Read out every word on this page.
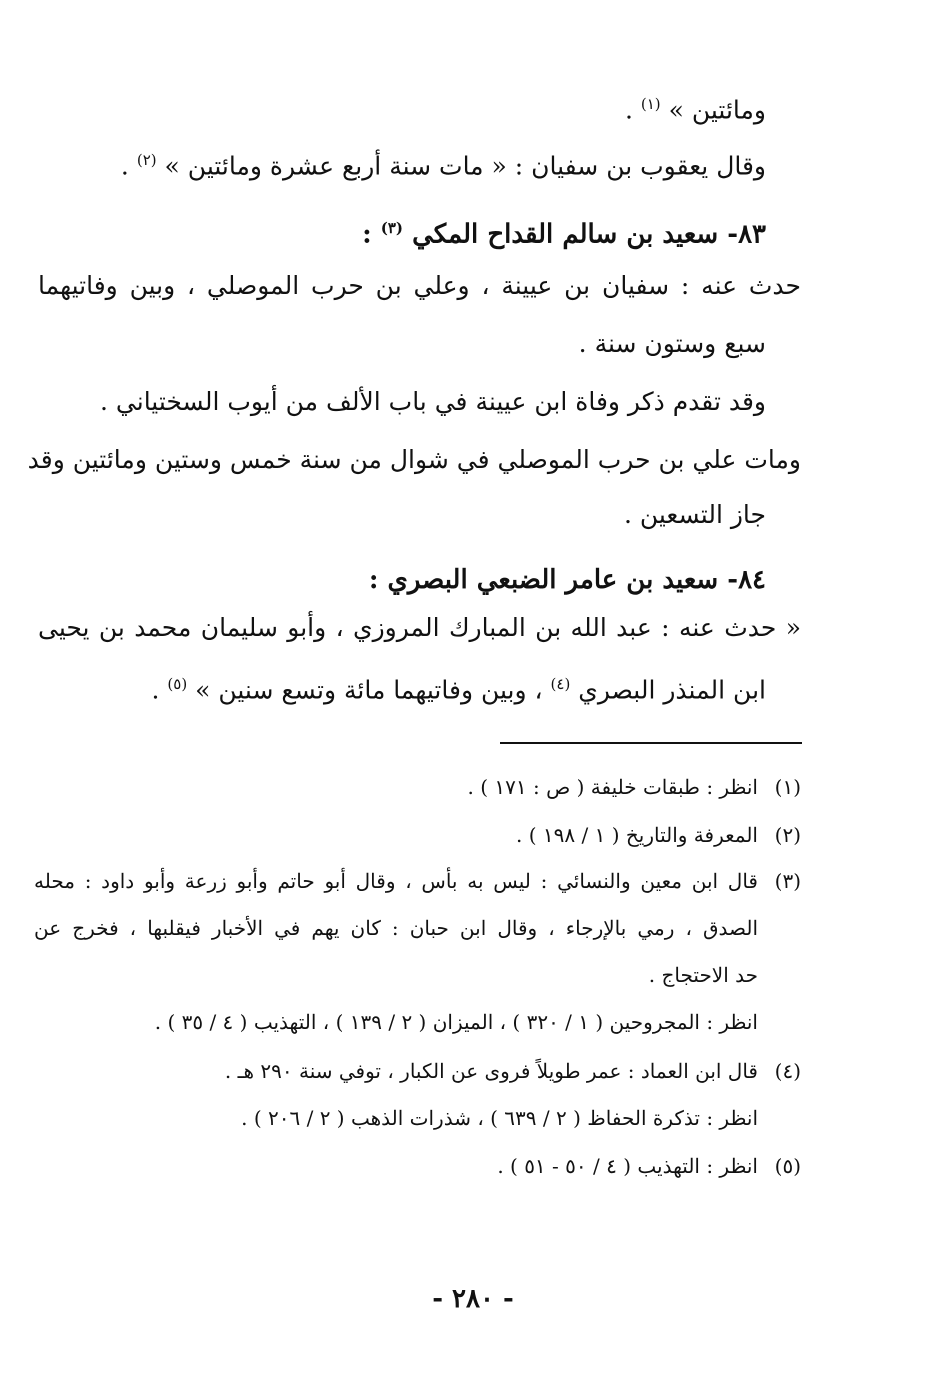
ومائتين » $^{(١)}$ .
وقال يعقوب بن سفيان : « مات سنة أربع عشرة ومائتين » $^{(٢)}$ .
٨٣- سعيد بن سالم القداح المكي $^{(٣)}$ :
حدث عنه : سفيان بن عيينة ، وعلي بن حرب الموصلي ، وبين وفاتيهما
سبع وستون سنة .
وقد تقدم ذكر وفاة ابن عيينة في باب الألف من أيوب السختياني .
ومات علي بن حرب الموصلي في شوال من سنة خمس وستين ومائتين وقد
جاز التسعين .
٨٤- سعيد بن عامر الضبعي البصري :
« حدث عنه : عبد الله بن المبارك المروزي ، وأبو سليمان محمد بن يحيى
ابن المنذر البصري $^{(٤)}$ ، وبين وفاتيهما مائة وتسع سنين » $^{(٥)}$ .
(١)
انظر : طبقات خليفة ( ص : ١٧١ ) .
(٢)
المعرفة والتاريخ ( ١ / ١٩٨ ) .
(٣)
قال ابن معين والنسائي : ليس به بأس ، وقال أبو حاتم وأبو زرعة وأبو داود : محله
الصدق ، رمي بالإرجاء ، وقال ابن حبان : كان يهم في الأخبار فيقلبها ، فخرج عن
حد الاحتجاج .
انظر : المجروحين ( ١ / ٣٢٠ ) ، الميزان ( ٢ / ١٣٩ ) ، التهذيب ( ٤ / ٣٥ ) .
(٤)
قال ابن العماد : عمر طويلاً فروى عن الكبار ، توفي سنة ٢٩٠ هـ .
انظر : تذكرة الحفاظ ( ٢ / ٦٣٩ ) ، شذرات الذهب ( ٢ / ٢٠٦ ) .
(٥)
انظر : التهذيب ( ٤ / ٥٠ - ٥١ ) .
- ٢٨٠ -
